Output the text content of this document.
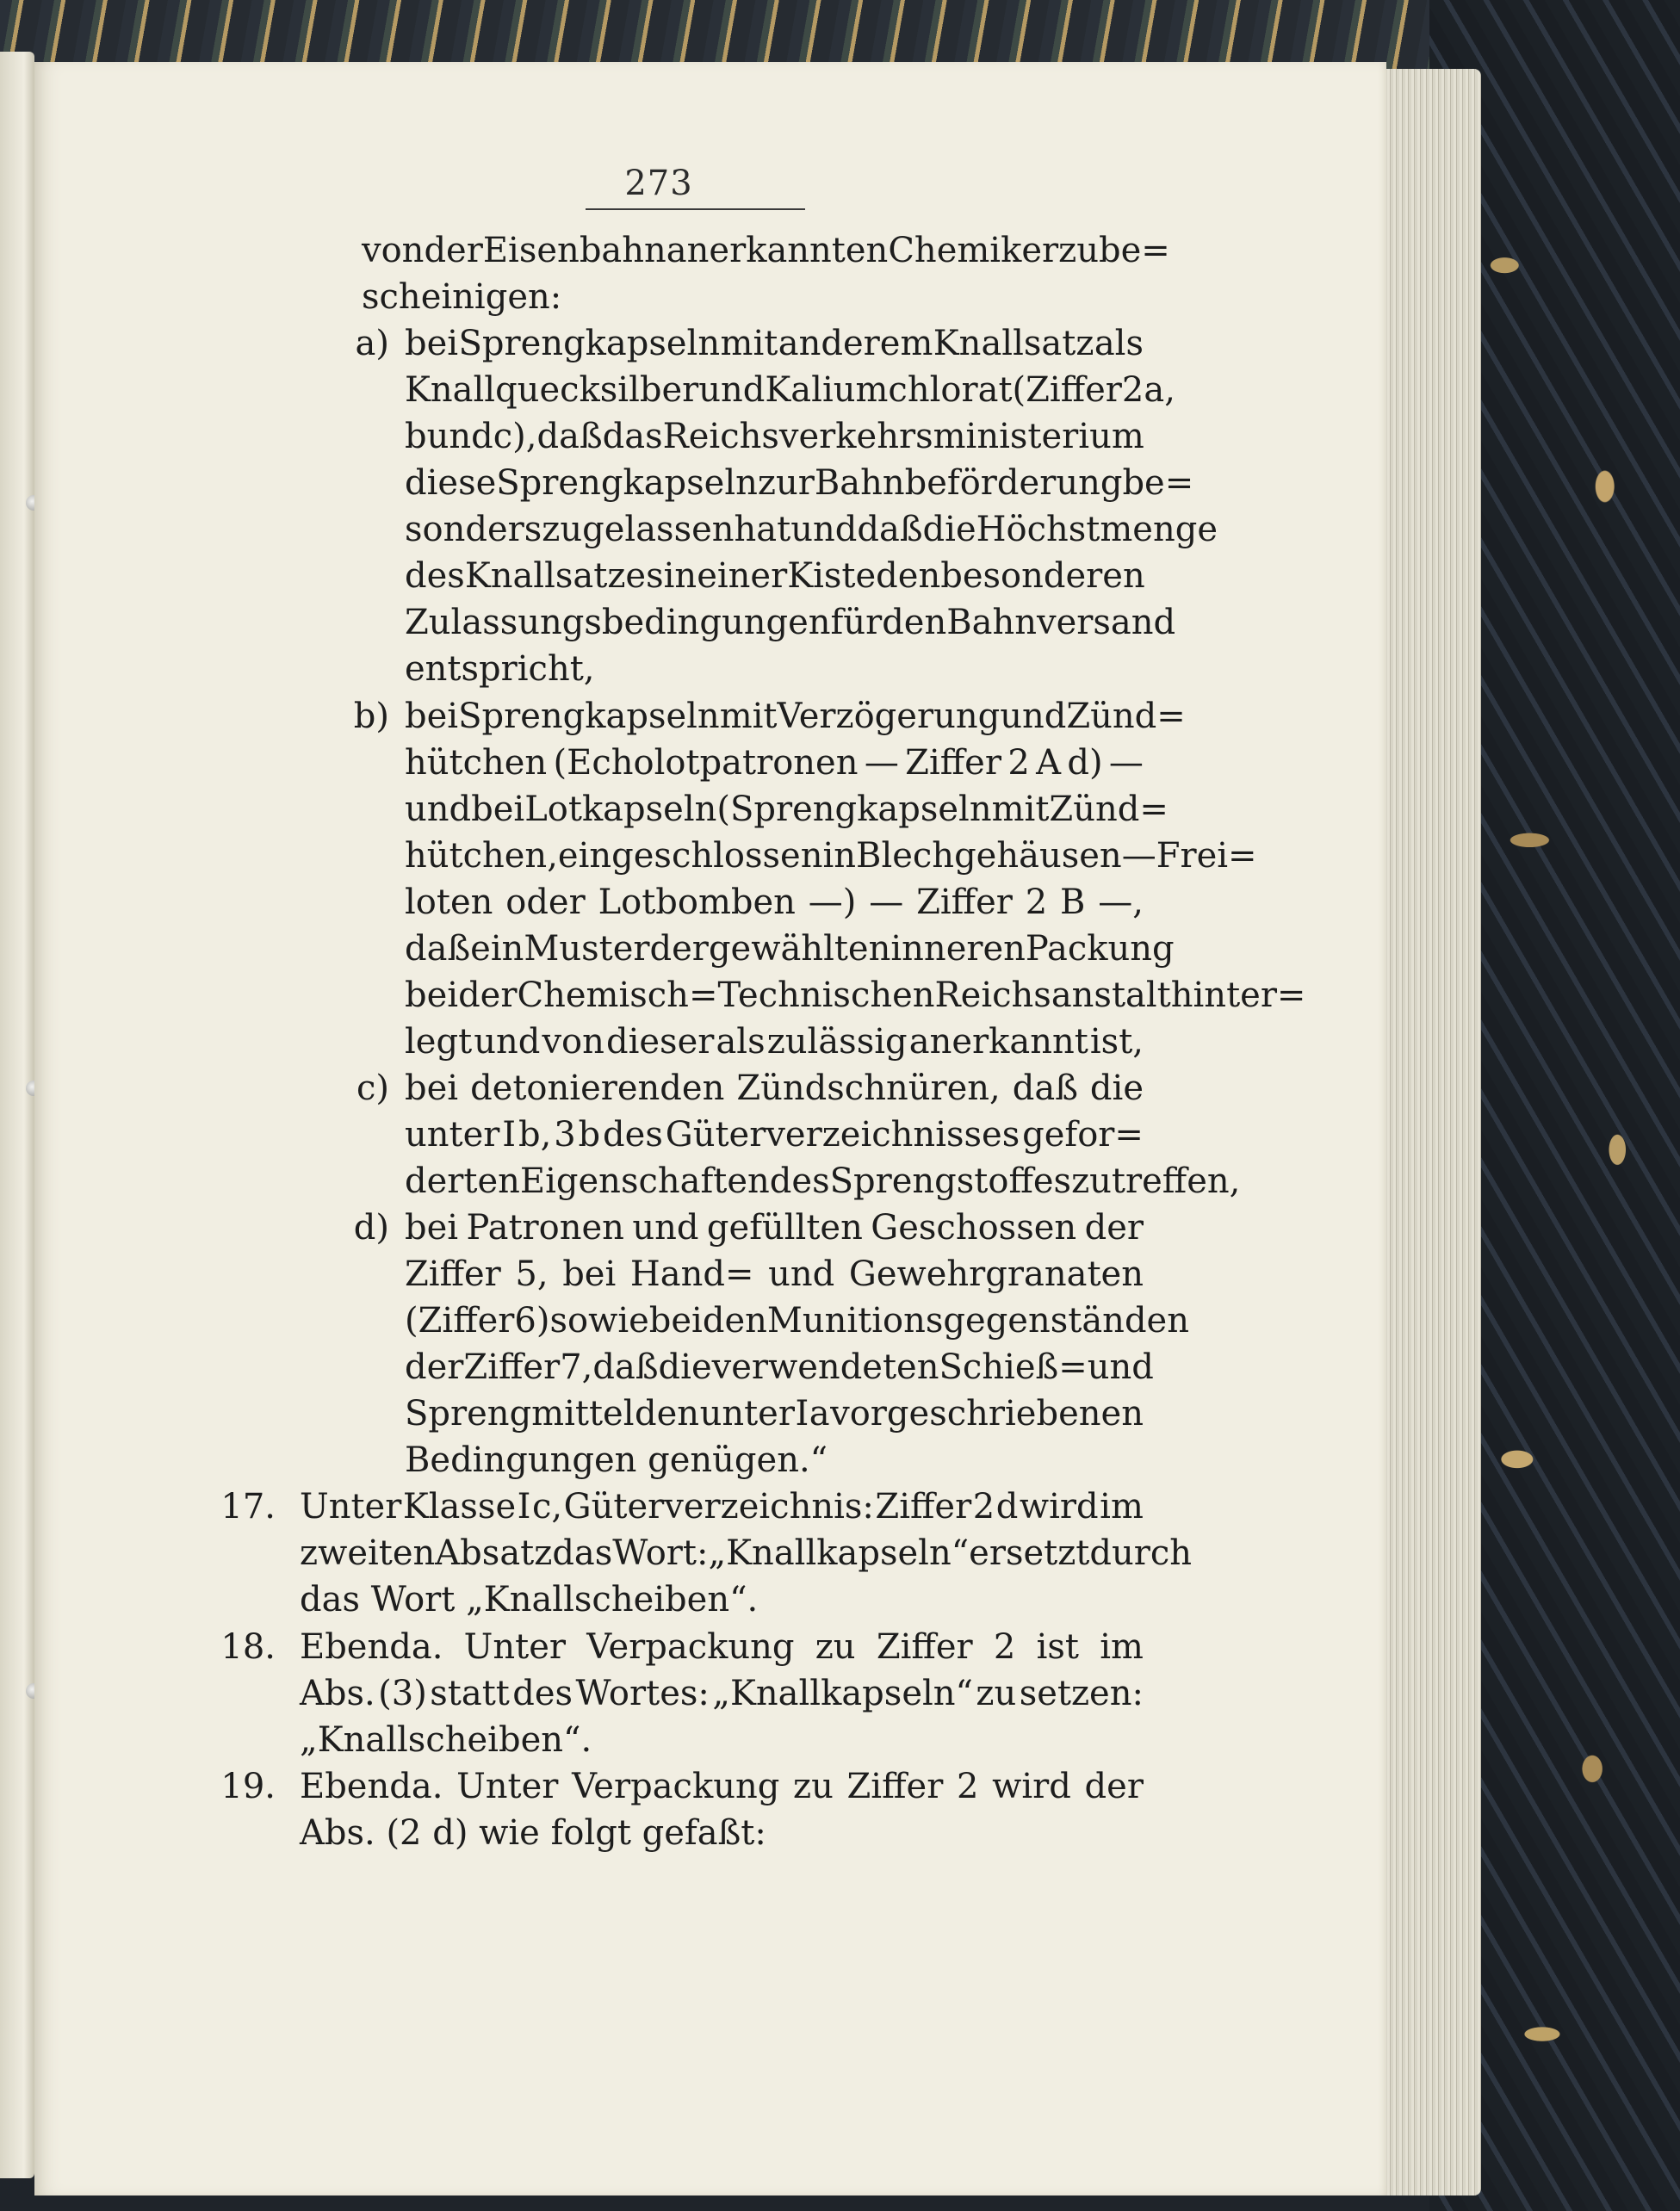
273
von der Eisenbahn anerkannten Chemiker zu be=
scheinigen:
a) bei Sprengkapseln mit anderem Knallsatz als
Knallquecksilber und Kaliumchlorat (Ziffer 2 a,
b und c), daß das Reichsverkehrsministerium
diese Sprengkapseln zur Bahnbeförderung be=
sonders zugelassen hat und daß die Höchstmenge
des Knallsatzes in einer Kiste den besonderen
Zulassungsbedingungen für den Bahnversand
entspricht,
b) bei Sprengkapseln mit Verzögerung und Zünd=
hütchen (Echolotpatronen — Ziffer 2 A d) —
und bei Lotkapseln (Sprengkapseln mit Zünd=
hütchen, eingeschlossen in Blechgehäusen — Frei=
loten oder Lotbomben —) — Ziffer 2 B —,
daß ein Muster der gewählten inneren Packung
bei der Chemisch=Technischen Reichsanstalt hinter=
legt und von dieser als zulässig anerkannt ist,
c) bei detonierenden Zündschnüren, daß die
unter I b, 3 b des Güterverzeichnisses gefor=
derten Eigenschaften des Sprengstoffes zutreffen,
d) bei Patronen und gefüllten Geschossen der
Ziffer 5, bei Hand= und Gewehrgranaten
(Ziffer 6) sowie bei den Munitionsgegenständen
der Ziffer 7, daß die verwendeten Schieß= und
Sprengmittel den unter I a vorgeschriebenen
Bedingungen genügen.“
17. Unter Klasse I c, Güterverzeichnis: Ziffer 2 d wird im
zweiten Absatz das Wort: „Knallkapseln“ ersetzt durch
das Wort „Knallscheiben“.
18. Ebenda. Unter Verpackung zu Ziffer 2 ist im
Abs. (3) statt des Wortes: „Knallkapseln“ zu setzen:
„Knallscheiben“.
19. Ebenda. Unter Verpackung zu Ziffer 2 wird der
Abs. (2 d) wie folgt gefaßt:
